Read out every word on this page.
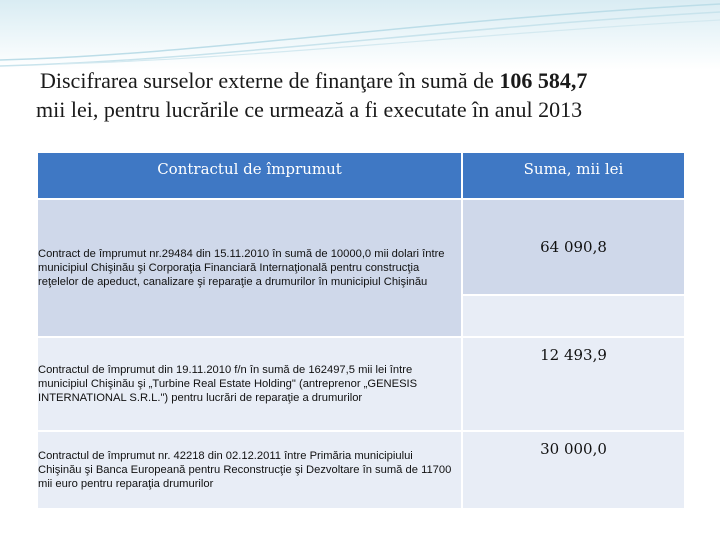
Discifrarea surselor externe de finanţare în sumă de 106 584,7
mii lei, pentru lucrările ce urmează a fi executate în anul 2013
Contractul de împrumut	Suma, mii lei
Contract de împrumut nr.29484 din 15.11.2010 în sumă de 10000,0 mii dolari între municipiul Chişinău şi Corporaţia Financiară Internaţională pentru construcţia reţelelor de apeduct, canalizare şi reparaţie a drumurilor în municipiul Chişinău	64 090,8

Contractul de împrumut din 19.11.2010 f/n în sumă de 162497,5 mii lei între municipiul Chişinău şi „Turbine Real Estate Holding" (antreprenor „GENESIS INTERNATIONAL S.R.L.") pentru lucrări de reparaţie a drumurilor	12 493,9
Contractul de împrumut nr. 42218 din 02.12.2011 între Primăria municipiului Chişinău şi Banca Europeană pentru Reconstrucţie şi Dezvoltare în sumă de 11700 mii euro pentru reparaţia drumurilor	30 000,0
